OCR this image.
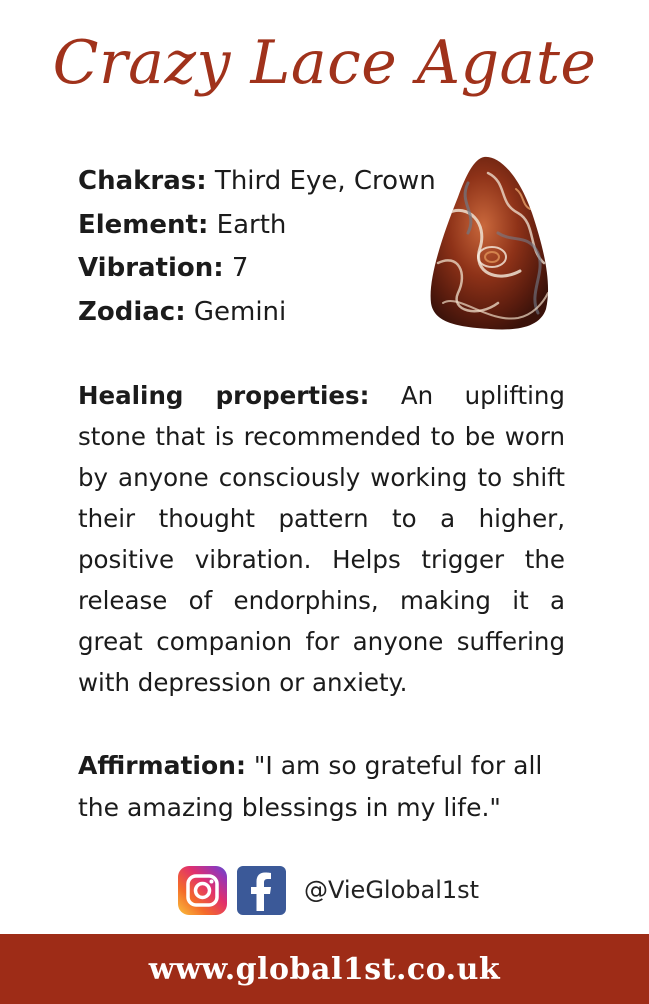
Crazy Lace Agate
Chakras: Third Eye, Crown
Element: Earth
Vibration: 7
Zodiac: Gemini
Healing properties: An uplifting stone that is recommended to be worn by anyone consciously working to shift their thought pattern to a higher, positive vibration. Helps trigger the release of endorphins, making it a great companion for anyone suffering with depression or anxiety.
Affirmation: "I am so grateful for all the amazing blessings in my life."
@VieGlobal1st
www.global1st.co.uk
